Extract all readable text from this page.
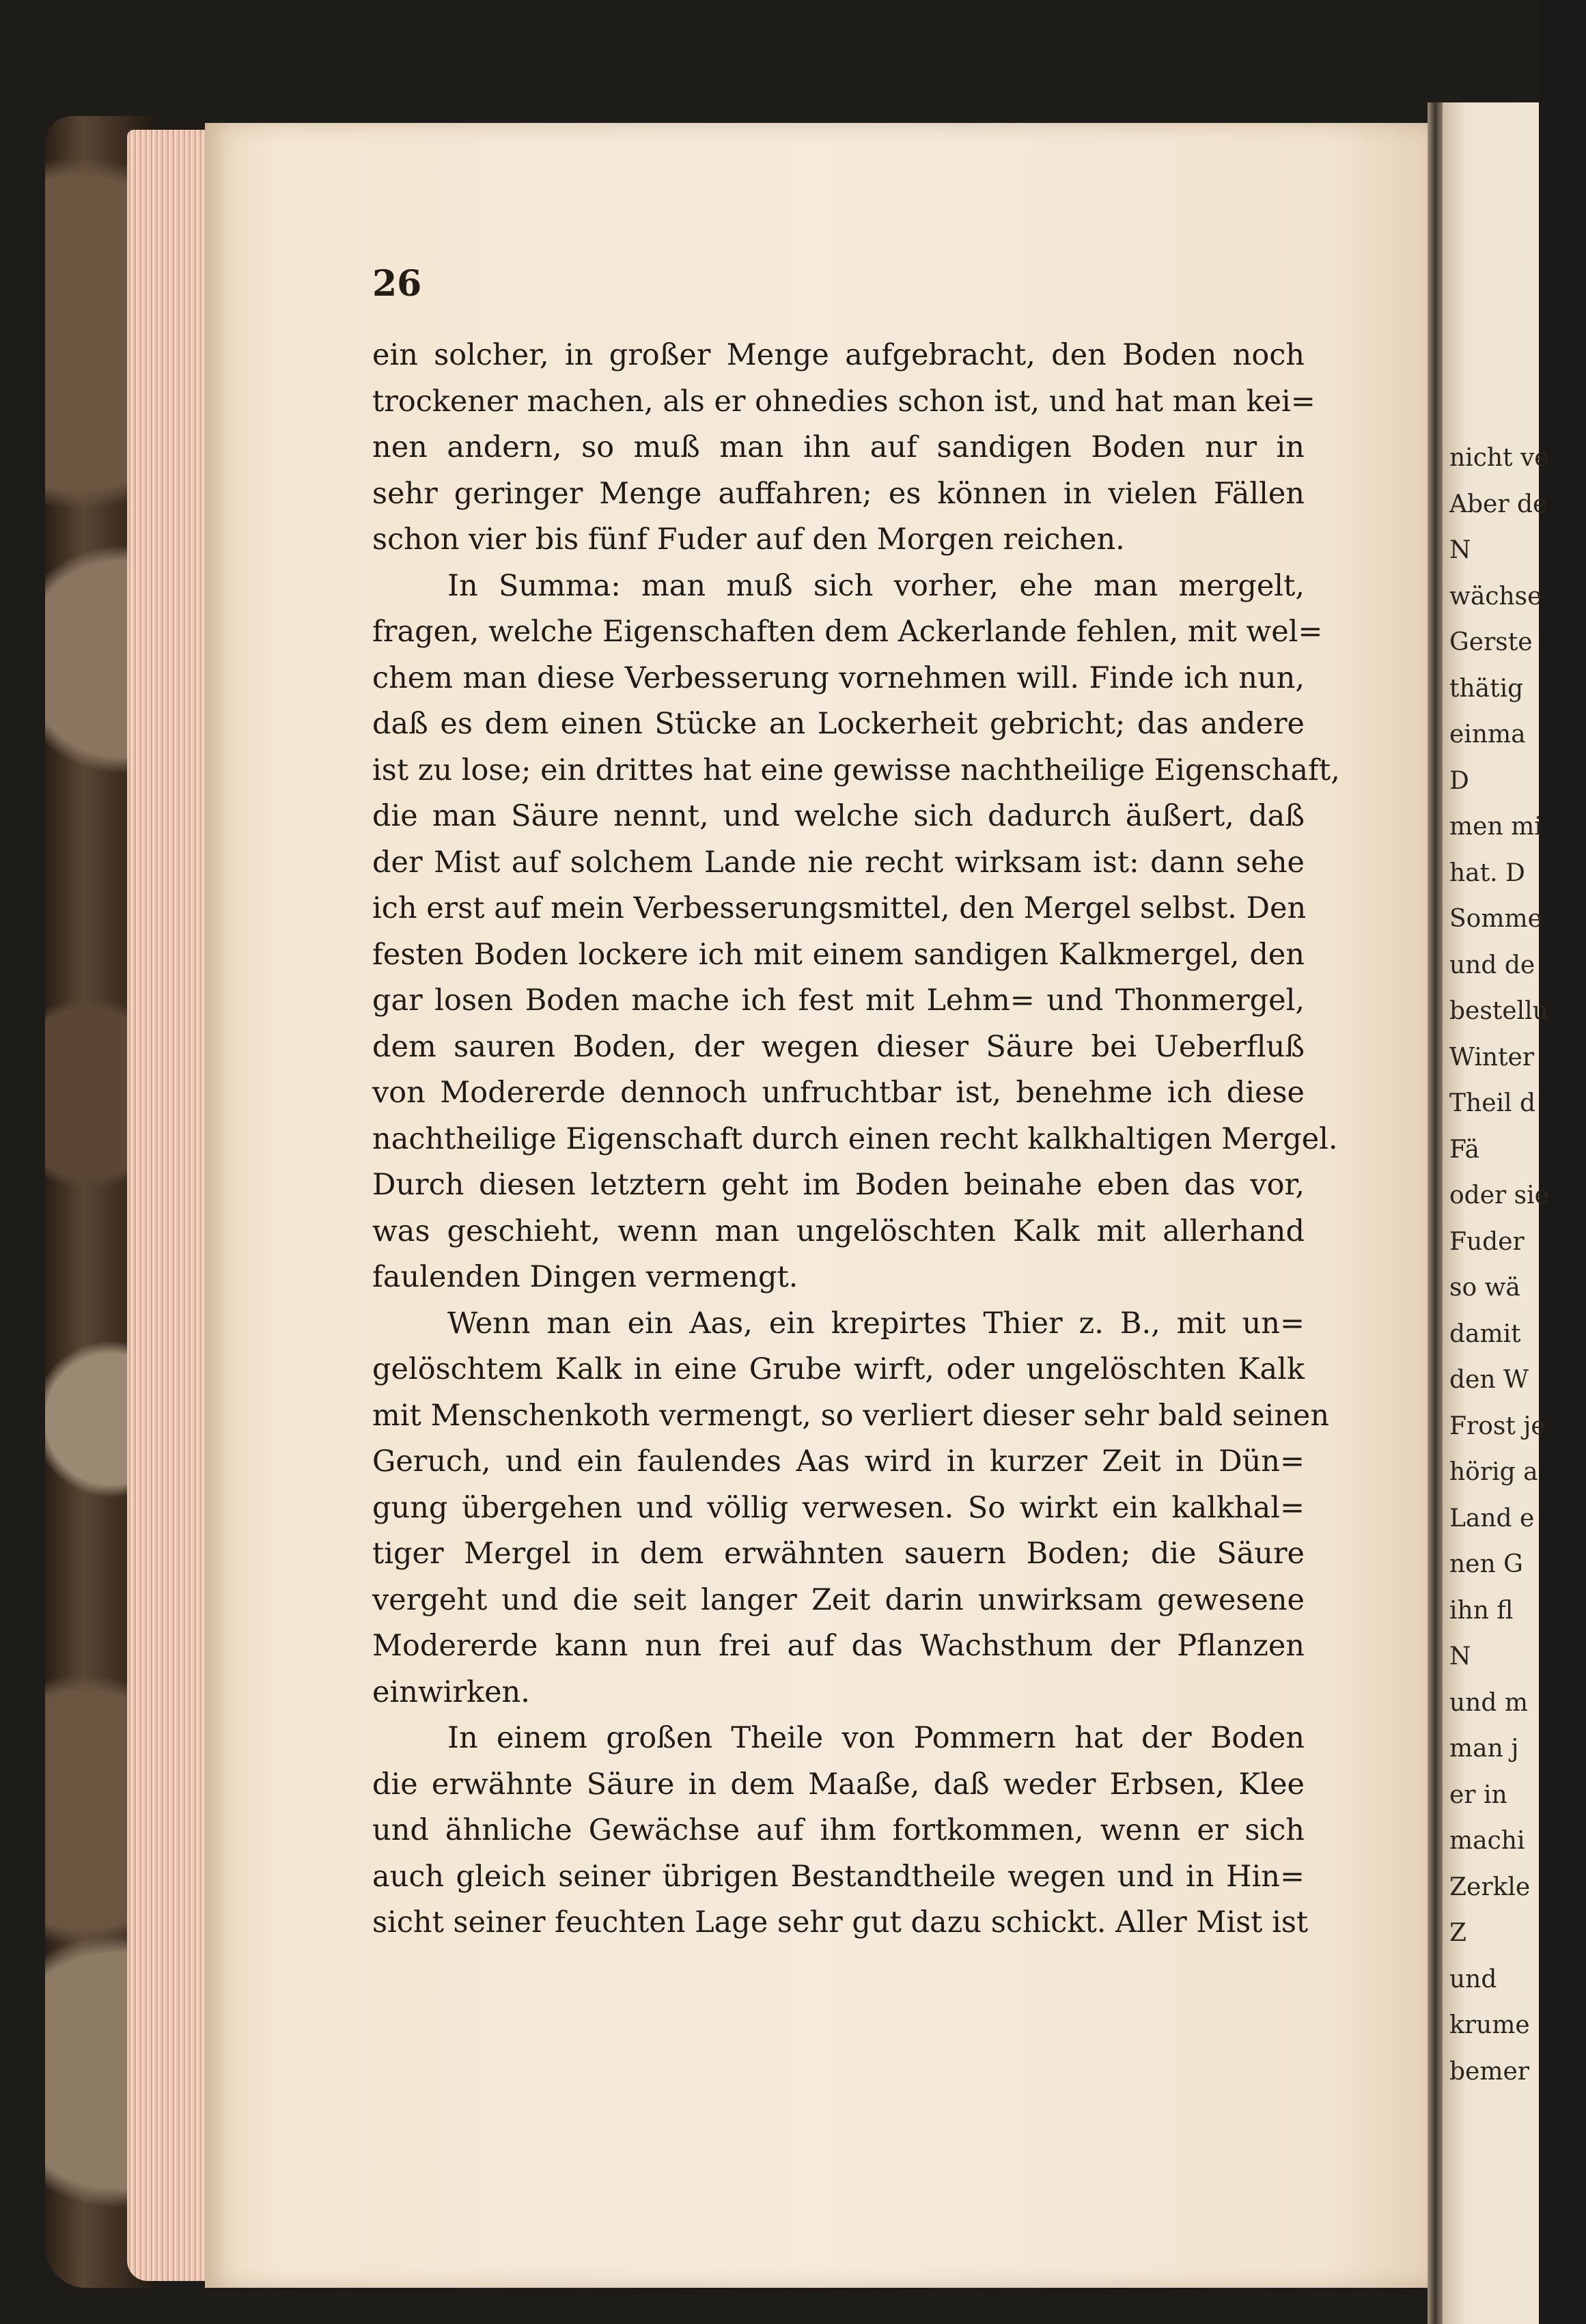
nicht ve
Aber de
N
wächse
Gerste
thätig
einma
D
men mi
hat. D
Somme
und de
bestellu
Winter
Theil d
Fä
oder sie
Fuder
so wä
damit
den W
Frost je
hörig a
Land e
nen G
ihn fl
N
und m
man j
er in
machi
Zerkle
Z
und
krume
bemer

26

ein solcher, in großer Menge aufgebracht, den Boden noch
trockener machen, als er ohnedies schon ist, und hat man kei=
nen andern, so muß man ihn auf sandigen Boden nur in
sehr geringer Menge auffahren; es können in vielen Fällen
schon vier bis fünf Fuder auf den Morgen reichen.
In Summa: man muß sich vorher, ehe man mergelt,
fragen, welche Eigenschaften dem Ackerlande fehlen, mit wel=
chem man diese Verbesserung vornehmen will. Finde ich nun,
daß es dem einen Stücke an Lockerheit gebricht; das andere
ist zu lose; ein drittes hat eine gewisse nachtheilige Eigenschaft,
die man Säure nennt, und welche sich dadurch äußert, daß
der Mist auf solchem Lande nie recht wirksam ist: dann sehe
ich erst auf mein Verbesserungsmittel, den Mergel selbst. Den
festen Boden lockere ich mit einem sandigen Kalkmergel, den
gar losen Boden mache ich fest mit Lehm= und Thonmergel,
dem sauren Boden, der wegen dieser Säure bei Ueberfluß
von Modererde dennoch unfruchtbar ist, benehme ich diese
nachtheilige Eigenschaft durch einen recht kalkhaltigen Mergel.
Durch diesen letztern geht im Boden beinahe eben das vor,
was geschieht, wenn man ungelöschten Kalk mit allerhand
faulenden Dingen vermengt.
Wenn man ein Aas, ein krepirtes Thier z. B., mit un=
gelöschtem Kalk in eine Grube wirft, oder ungelöschten Kalk
mit Menschenkoth vermengt, so verliert dieser sehr bald seinen
Geruch, und ein faulendes Aas wird in kurzer Zeit in Dün=
gung übergehen und völlig verwesen. So wirkt ein kalkhal=
tiger Mergel in dem erwähnten sauern Boden; die Säure
vergeht und die seit langer Zeit darin unwirksam gewesene
Modererde kann nun frei auf das Wachsthum der Pflanzen
einwirken.
In einem großen Theile von Pommern hat der Boden
die erwähnte Säure in dem Maaße, daß weder Erbsen, Klee
und ähnliche Gewächse auf ihm fortkommen, wenn er sich
auch gleich seiner übrigen Bestandtheile wegen und in Hin=
sicht seiner feuchten Lage sehr gut dazu schickt. Aller Mist ist
